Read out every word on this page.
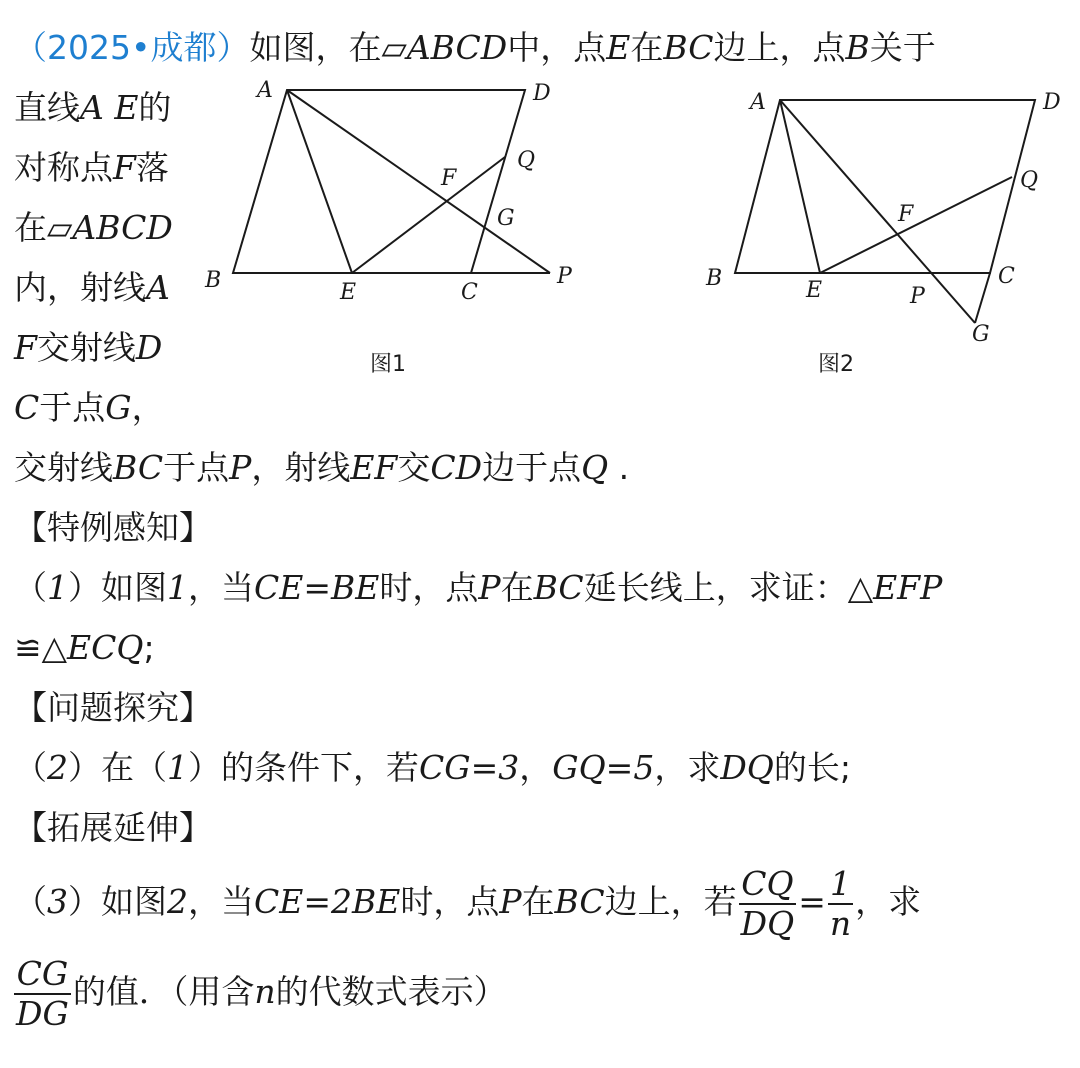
（2025•成都）如图，在▱ABCD中，点E在BC边上，点B关于
直线A E的
对称点F落
在▱ABCD
内，射线A
F交射线D
C于点G，
交射线BC于点P，射线EF交CD边于点Q .
【特例感知】
（1）如图1，当CE=BE时，点P在BC延长线上，求证：△EFP
≌△ECQ;
【问题探究】
（2）在（1）的条件下，若CG=3，GQ=5，求DQ的长;
【拓展延伸】
（3）如图2，当CE=2BE时，点P在BC边上，若 $\frac{CQ}{DQ} = \frac{1}{n}$ ，求
$\frac{CG}{DG}$ 的值．（用含n的代数式表示）
A	D
B	E	C
P
F
G
Q
图1
A	D
B	E
C
P
F
Q
G
图2
